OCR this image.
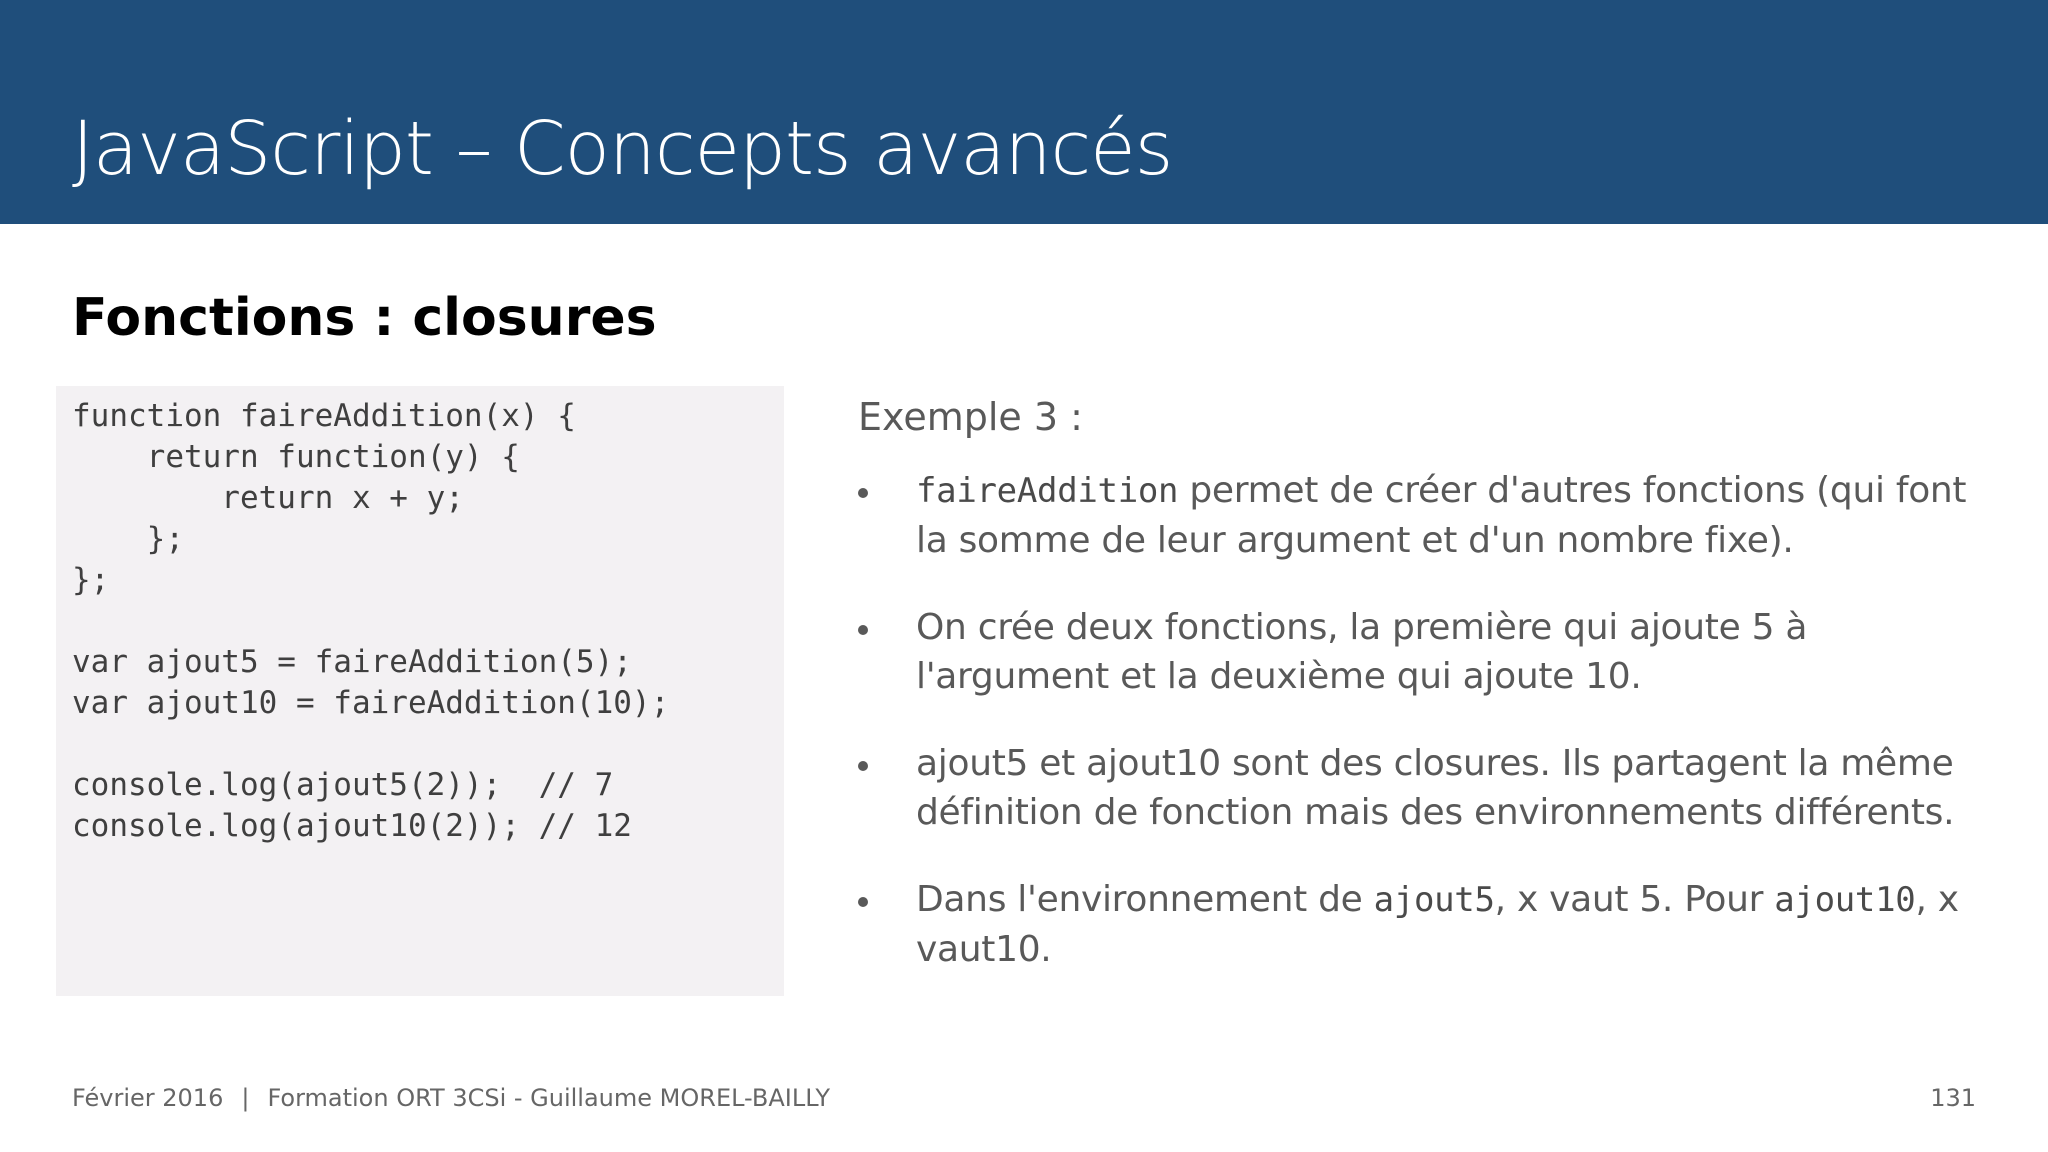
JavaScript – Concepts avancés
Fonctions : closures
function faireAddition(x) {
return function(y) {
return x + y;
};
};
var ajout5 = faireAddition(5);
var ajout10 = faireAddition(10);
console.log(ajout5(2));  // 7
console.log(ajout10(2)); // 12
Exemple 3 :
faireAddition permet de créer d'autres fonctions (qui font la somme de leur argument et d'un nombre fixe).
On crée deux fonctions, la première qui ajoute 5 à l'argument et la deuxième qui ajoute 10.
ajout5 et ajout10 sont des closures. Ils partagent la même définition de fonction mais des environnements différents.
Dans l'environnement de ajout5, x vaut 5. Pour ajout10, x vaut10.
Février 2016 | Formation ORT 3CSi - Guillaume MOREL-BAILLY	131
